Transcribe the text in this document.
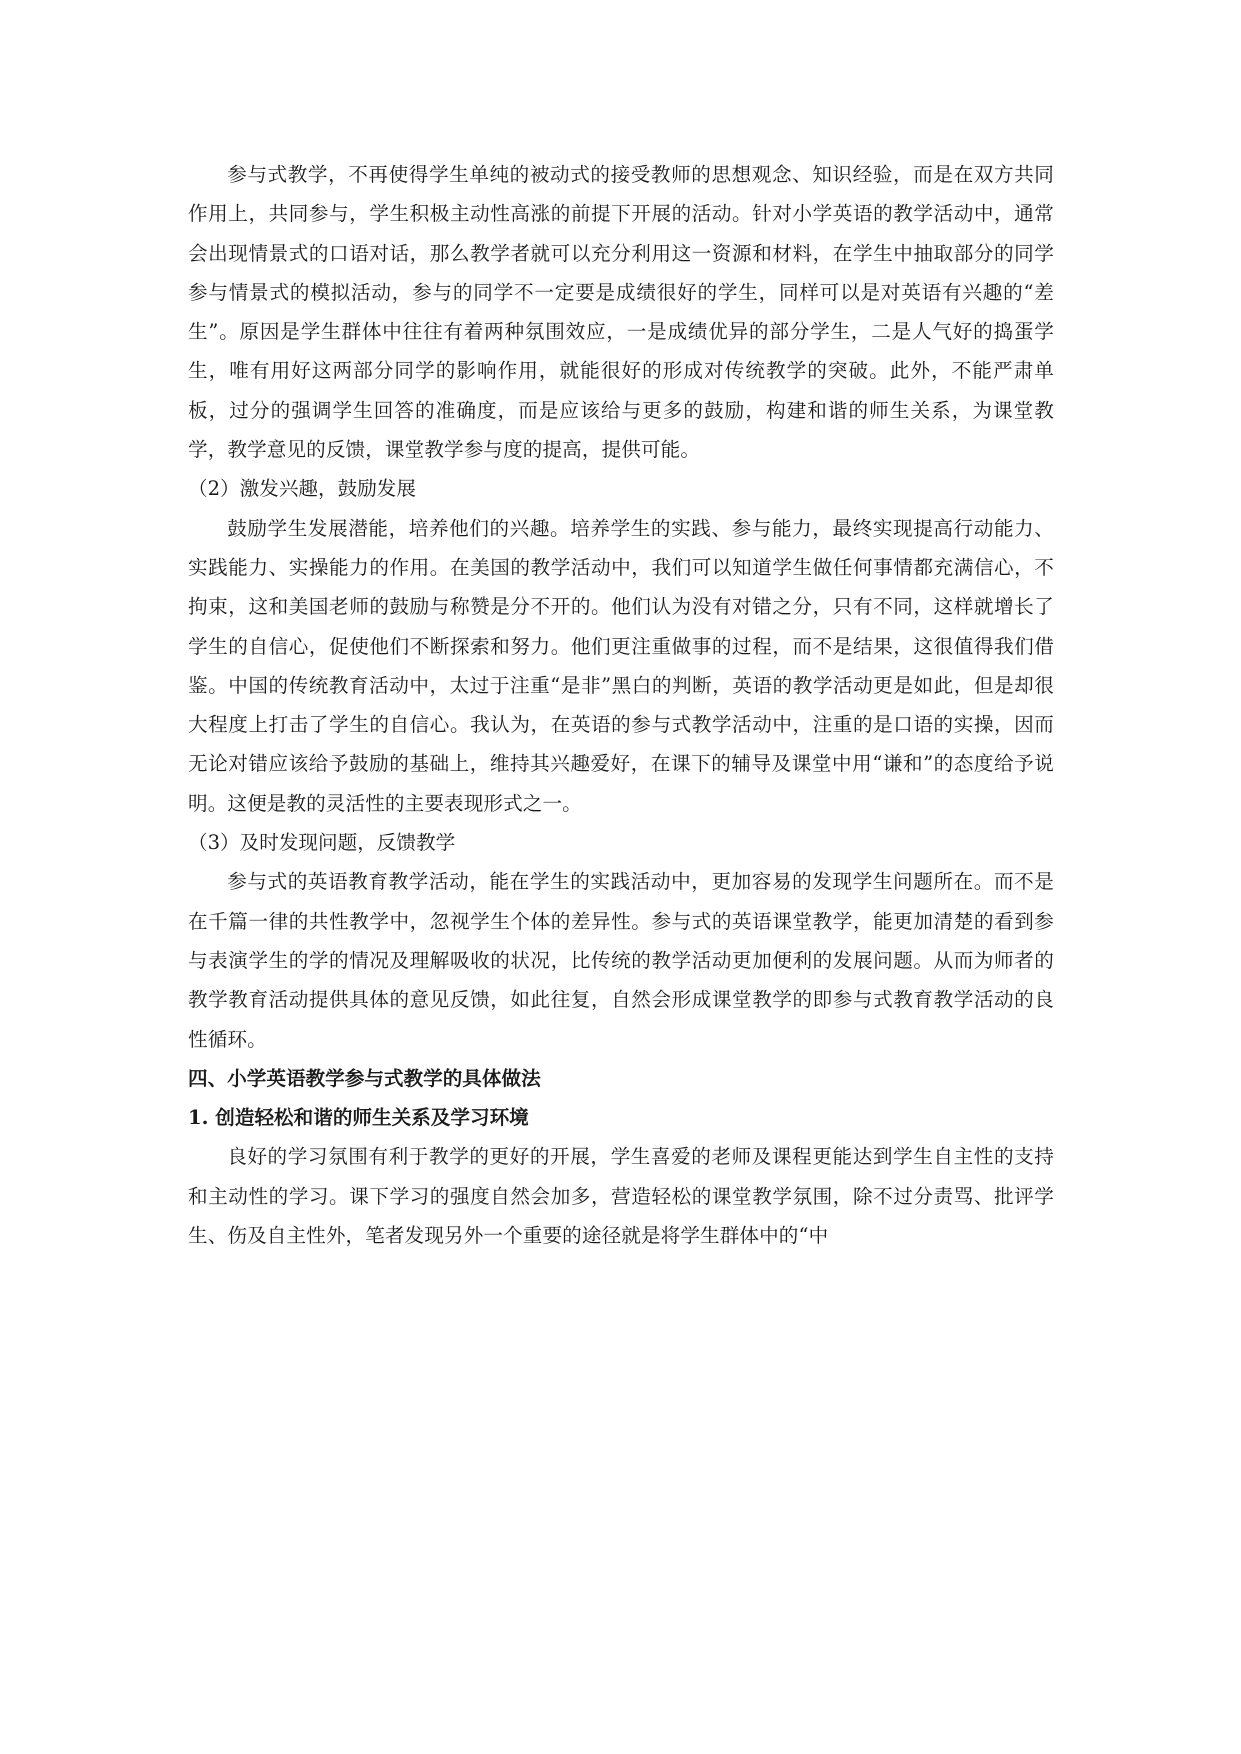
参与式教学，不再使得学生单纯的被动式的接受教师的思想观念、知识经验，而是在双方共同作用上，共同参与，学生积极主动性高涨的前提下开展的活动。针对小学英语的教学活动中，通常会出现情景式的口语对话，那么教学者就可以充分利用这一资源和材料，在学生中抽取部分的同学参与情景式的模拟活动，参与的同学不一定要是成绩很好的学生，同样可以是对英语有兴趣的“差生”。原因是学生群体中往往有着两种氛围效应，一是成绩优异的部分学生，二是人气好的捣蛋学生，唯有用好这两部分同学的影响作用，就能很好的形成对传统教学的突破。此外，不能严肃单板，过分的强调学生回答的准确度，而是应该给与更多的鼓励，构建和谐的师生关系，为课堂教学，教学意见的反馈，课堂教学参与度的提高，提供可能。

（2）激发兴趣，鼓励发展

鼓励学生发展潜能，培养他们的兴趣。培养学生的实践、参与能力，最终实现提高行动能力、实践能力、实操能力的作用。在美国的教学活动中，我们可以知道学生做任何事情都充满信心，不拘束，这和美国老师的鼓励与称赞是分不开的。他们认为没有对错之分，只有不同，这样就增长了学生的自信心，促使他们不断探索和努力。他们更注重做事的过程，而不是结果，这很值得我们借鉴。中国的传统教育活动中，太过于注重“是非”黑白的判断，英语的教学活动更是如此，但是却很大程度上打击了学生的自信心。我认为，在英语的参与式教学活动中，注重的是口语的实操，因而无论对错应该给予鼓励的基础上，维持其兴趣爱好，在课下的辅导及课堂中用“谦和”的态度给予说明。这便是教的灵活性的主要表现形式之一。

（3）及时发现问题，反馈教学

参与式的英语教育教学活动，能在学生的实践活动中，更加容易的发现学生问题所在。而不是在千篇一律的共性教学中，忽视学生个体的差异性。参与式的英语课堂教学，能更加清楚的看到参与表演学生的学的情况及理解吸收的状况，比传统的教学活动更加便利的发展问题。从而为师者的教学教育活动提供具体的意见反馈，如此往复，自然会形成课堂教学的即参与式教育教学活动的良性循环。

四、小学英语教学参与式教学的具体做法

1. 创造轻松和谐的师生关系及学习环境

良好的学习氛围有利于教学的更好的开展，学生喜爱的老师及课程更能达到学生自主性的支持和主动性的学习。课下学习的强度自然会加多，营造轻松的课堂教学氛围，除不过分责骂、批评学生、伤及自主性外，笔者发现另外一个重要的途径就是将学生群体中的“中
